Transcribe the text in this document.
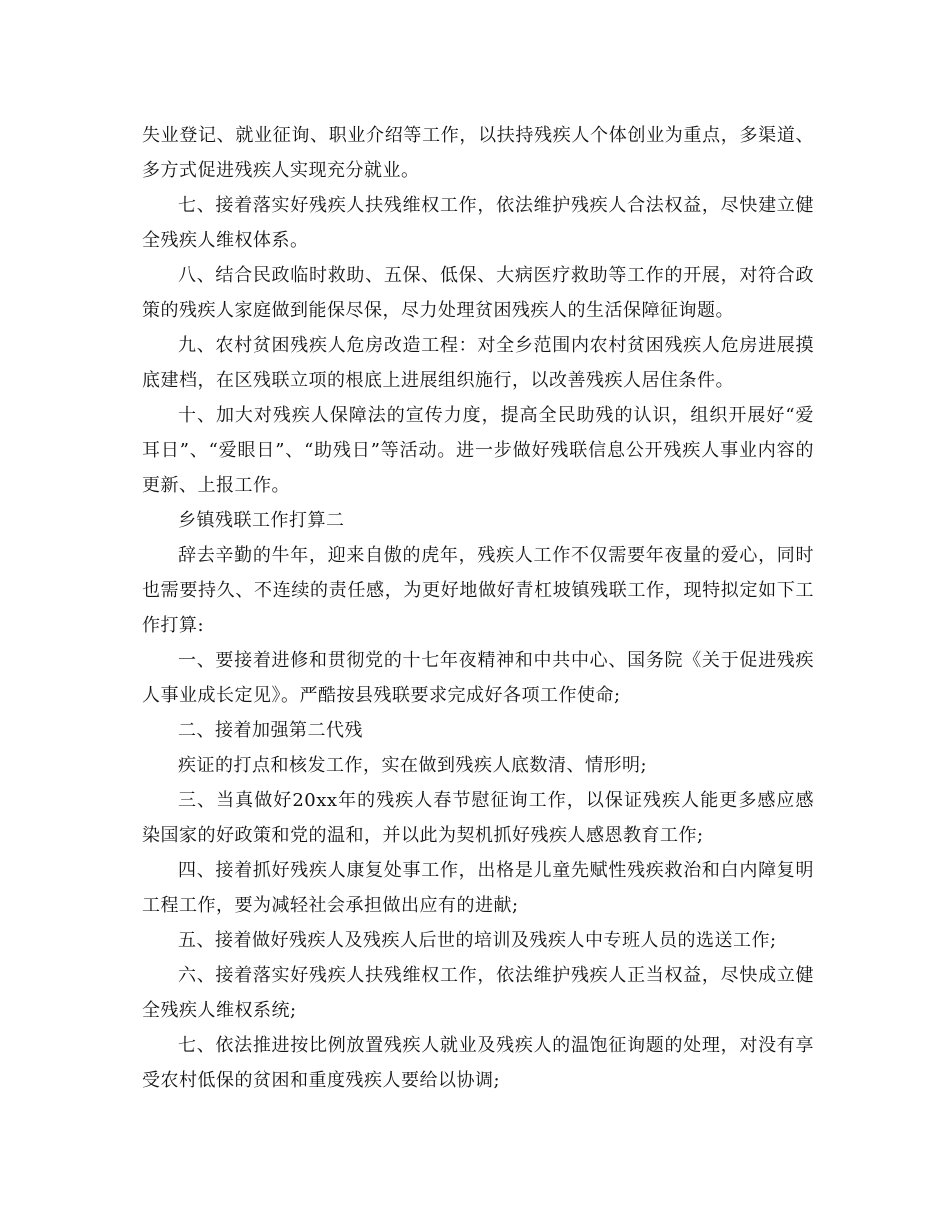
失业登记、就业征询、职业介绍等工作，以扶持残疾人个体创业为重点，多渠道、多方式促进残疾人实现充分就业。

七、接着落实好残疾人扶残维权工作，依法维护残疾人合法权益，尽快建立健全残疾人维权体系。

八、结合民政临时救助、五保、低保、大病医疗救助等工作的开展，对符合政策的残疾人家庭做到能保尽保，尽力处理贫困残疾人的生活保障征询题。

九、农村贫困残疾人危房改造工程：对全乡范围内农村贫困残疾人危房进展摸底建档，在区残联立项的根底上进展组织施行，以改善残疾人居住条件。

十、加大对残疾人保障法的宣传力度，提高全民助残的认识，组织开展好“爱耳日”、“爱眼日”、“助残日”等活动。进一步做好残联信息公开残疾人事业内容的更新、上报工作。

乡镇残联工作打算二

辞去辛勤的牛年，迎来自傲的虎年，残疾人工作不仅需要年夜量的爱心，同时也需要持久、不连续的责任感，为更好地做好青杠坡镇残联工作，现特拟定如下工作打算:

一、要接着进修和贯彻党的十七年夜精神和中共中心、国务院《关于促进残疾人事业成长定见》。严酷按县残联要求完成好各项工作使命;

二、接着加强第二代残

疾证的打点和核发工作，实在做到残疾人底数清、情形明;

三、当真做好20xx年的残疾人春节慰征询工作，以保证残疾人能更多感应感染国家的好政策和党的温和，并以此为契机抓好残疾人感恩教育工作;

四、接着抓好残疾人康复处事工作，出格是儿童先赋性残疾救治和白内障复明工程工作，要为减轻社会承担做出应有的进献;

五、接着做好残疾人及残疾人后世的培训及残疾人中专班人员的选送工作;

六、接着落实好残疾人扶残维权工作，依法维护残疾人正当权益，尽快成立健全残疾人维权系统;

七、依法推进按比例放置残疾人就业及残疾人的温饱征询题的处理，对没有享受农村低保的贫困和重度残疾人要给以协调;
